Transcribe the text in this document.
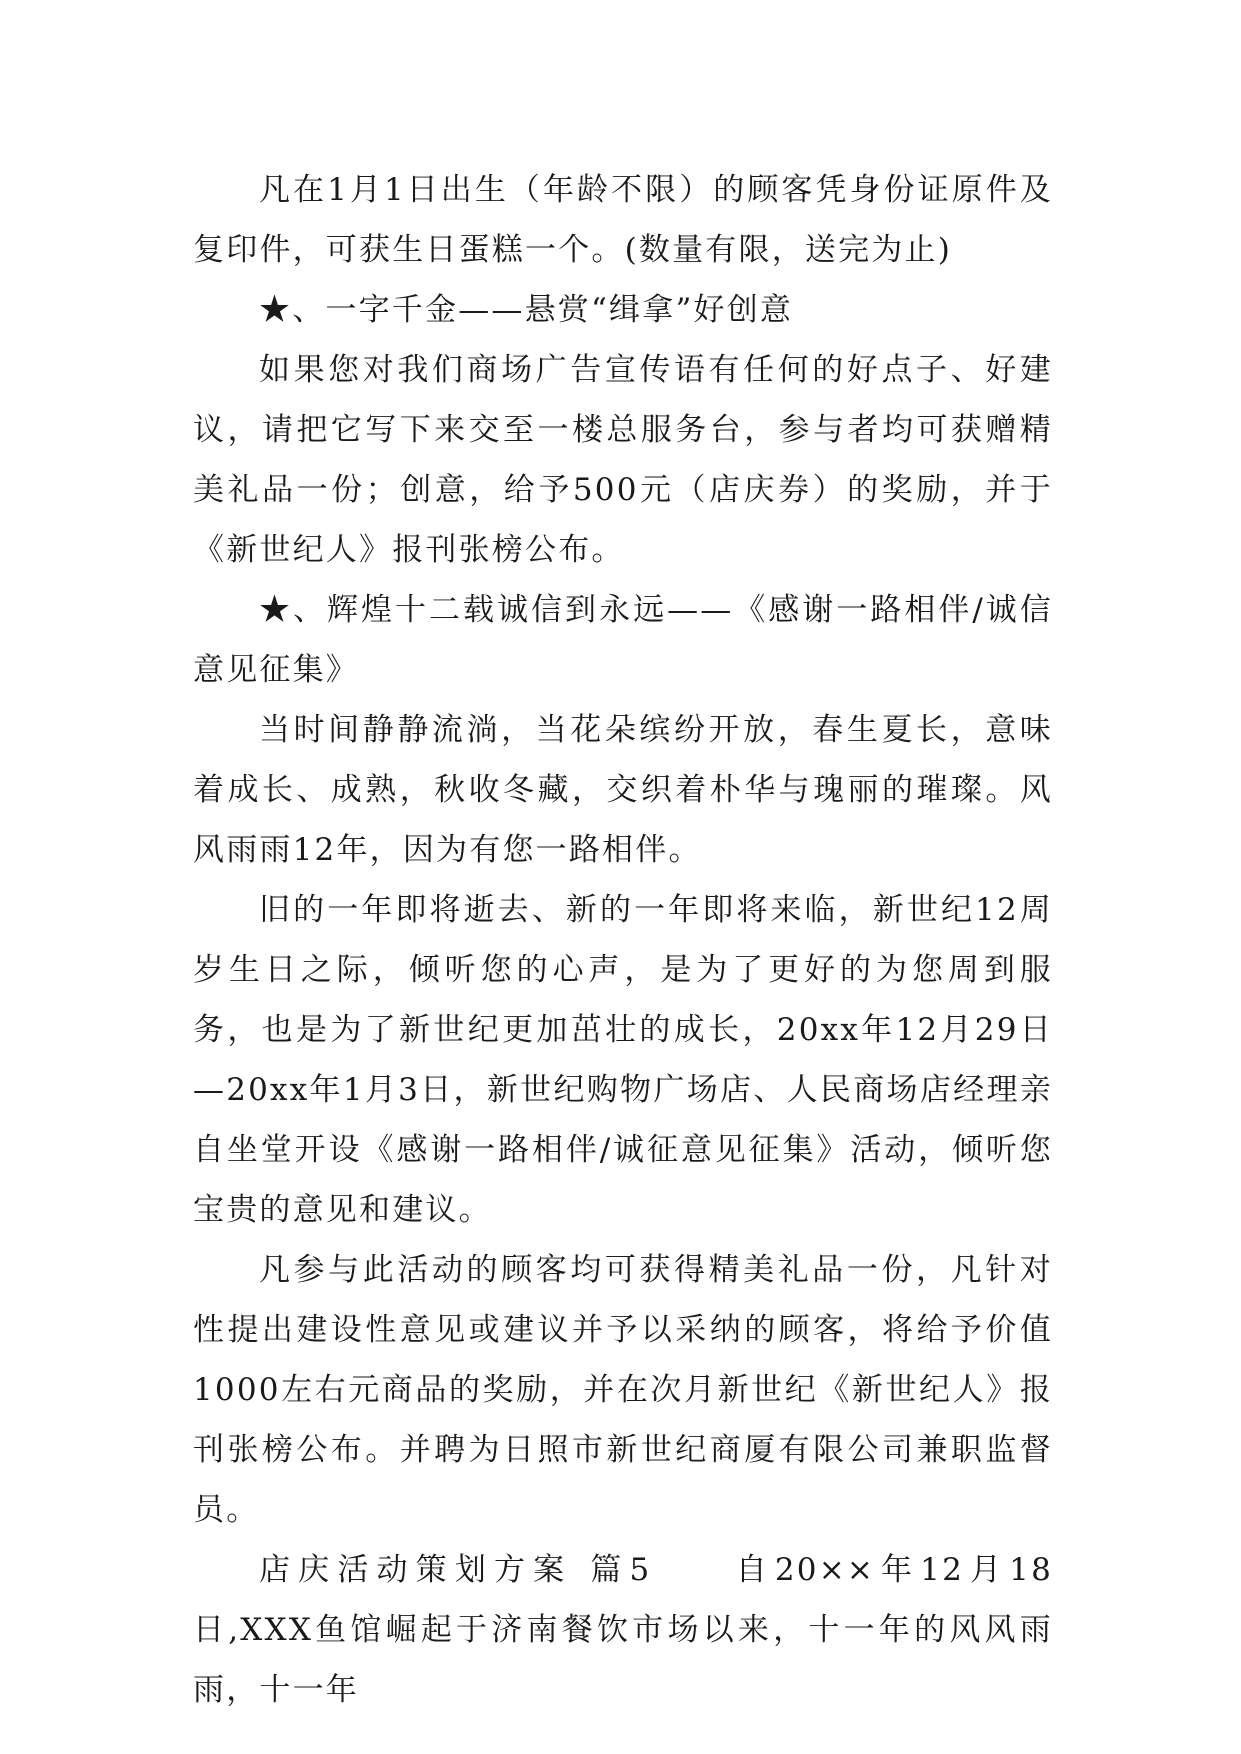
凡在1月1日出生（年龄不限）的顾客凭身份证原件及复印件，可获生日蛋糕一个。(数量有限，送完为止)

★、一字千金——悬赏“缉拿”好创意

如果您对我们商场广告宣传语有任何的好点子、好建议，请把它写下来交至一楼总服务台，参与者均可获赠精美礼品一份；创意，给予500元（店庆券）的奖励，并于《新世纪人》报刊张榜公布。

★、辉煌十二载诚信到永远——《感谢一路相伴/诚信意见征集》

当时间静静流淌，当花朵缤纷开放，春生夏长，意味着成长、成熟，秋收冬藏，交织着朴华与瑰丽的璀璨。风风雨雨12年，因为有您一路相伴。

旧的一年即将逝去、新的一年即将来临，新世纪12周岁生日之际，倾听您的心声，是为了更好的为您周到服务，也是为了新世纪更加茁壮的成长，20xx年12月29日—20xx年1月3日，新世纪购物广场店、人民商场店经理亲自坐堂开设《感谢一路相伴/诚征意见征集》活动，倾听您宝贵的意见和建议。

凡参与此活动的顾客均可获得精美礼品一份，凡针对性提出建设性意见或建议并予以采纳的顾客，将给予价值1000左右元商品的奖励，并在次月新世纪《新世纪人》报刊张榜公布。并聘为日照市新世纪商厦有限公司兼职监督员。

店庆活动策划方案 篇5　　自20××年12月18日,XXX鱼馆崛起于济南餐饮市场以来，十一年的风风雨雨，十一年
